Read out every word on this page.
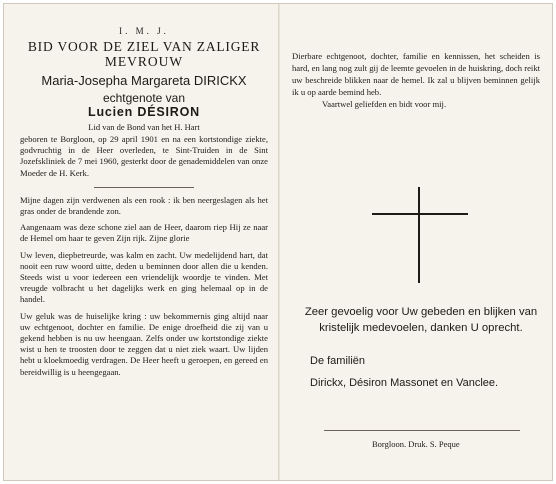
I. M. J.

BID VOOR DE ZIEL VAN ZALIGER

MEVROUW

Maria-Josepha Margareta DIRICKX

echtgenote van

Lucien DÉSIRON

Lid van de Bond van het H. Hart

geboren te Borgloon, op 29 april 1901 en na een kortstondige ziekte, godvruchtig in de Heer overleden, te Sint-Truiden in de Sint Jozefskliniek de 7 mei 1960, gesterkt door de genademiddelen van onze Moeder de H. Kerk.

Mijne dagen zijn verdwenen als een rook : ik ben neergeslagen als het gras onder de brandende zon.

Aangenaam was deze schone ziel aan de Heer, daarom riep Hij ze naar de Hemel om haar te geven Zijn rijk. Zijne glorie

Uw leven, diepbetreurde, was kalm en zacht. Uw medelijdend hart, dat nooit een ruw woord uitte, deden u beminnen door allen die u kenden. Steeds wist u voor iedereen een vriendelijk woordje te vinden. Met vreugde volbracht u het dagelijks werk en ging helemaal op in de handel.

Uw geluk was de huiselijke kring : uw bekommernis ging altijd naar uw echtgenoot, dochter en familie. De enige droefheid die zij van u gekend hebben is nu uw heengaan. Zelfs onder uw kortstondige ziekte wist u hen te troosten door te zeggen dat u niet ziek waart. Uw lijden hebt u kloekmoedig verdragen. De Heer heeft u geroepen, en gereed en bereidwillig is u heengegaan.

Dierbare echtgenoot, dochter, familie en kennissen, het scheiden is hard, en lang nog zult gij de leemte gevoelen in de huiskring, doch reikt uw beschreide blikken naar de hemel. Ik zal u blijven beminnen gelijk ik u op aarde bemind heb.

Vaartwel geliefden en bidt voor mij.

Zeer gevoelig voor Uw gebeden en blijken van kristelijk medevoelen, danken U oprecht.
De familiën
Dirickx, Désiron Massonet en Vanclee.
Borgloon. Druk. S. Peque
